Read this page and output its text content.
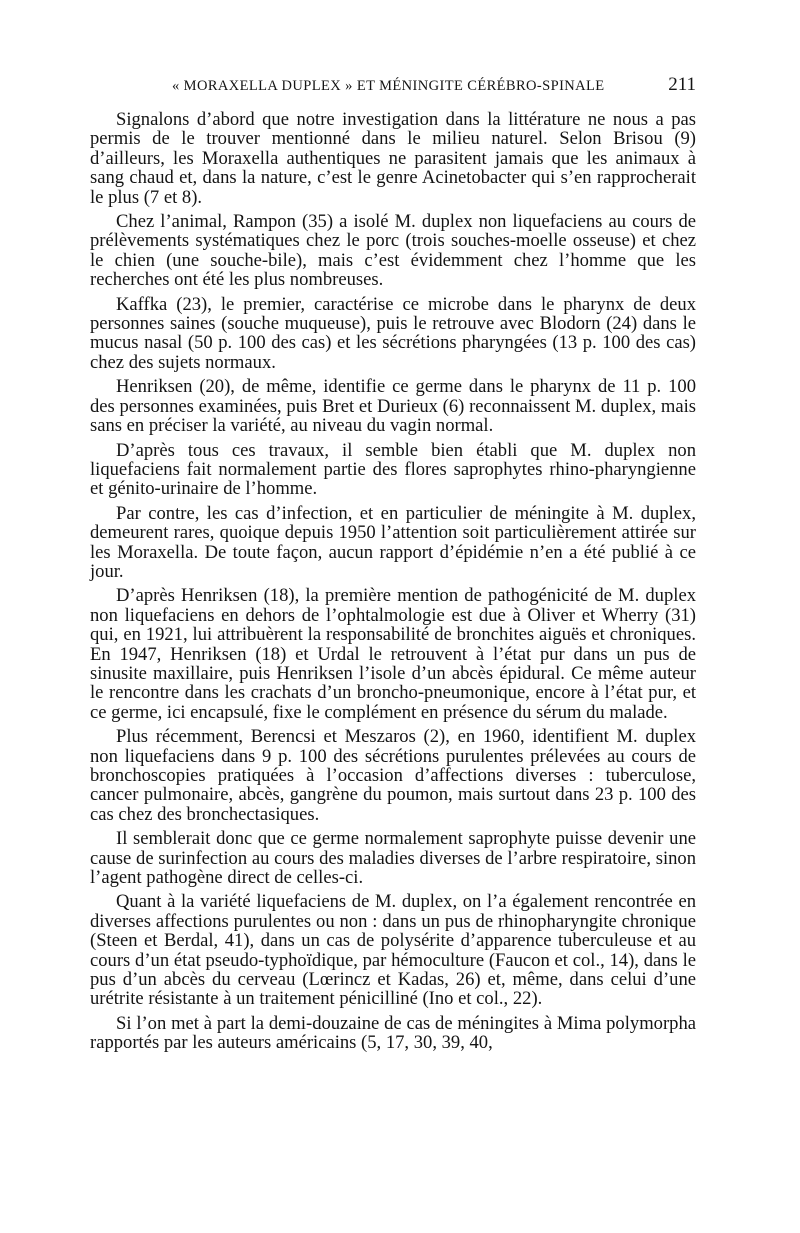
« MORAXELLA DUPLEX » ET MÉNINGITE CÉRÉBRO-SPINALE	211

Signalons d’abord que notre investigation dans la littérature ne nous a pas permis de le trouver mentionné dans le milieu naturel. Selon Brisou (9) d’ailleurs, les Moraxella authentiques ne parasitent jamais que les animaux à sang chaud et, dans la nature, c’est le genre Acinetobacter qui s’en rapprocherait le plus (7 et 8).

Chez l’animal, Rampon (35) a isolé M. duplex non liquefaciens au cours de prélèvements systématiques chez le porc (trois souches-moelle osseuse) et chez le chien (une souche-bile), mais c’est évidemment chez l’homme que les recherches ont été les plus nombreuses.

Kaffka (23), le premier, caractérise ce microbe dans le pharynx de deux personnes saines (souche muqueuse), puis le retrouve avec Blodorn (24) dans le mucus nasal (50 p. 100 des cas) et les sécrétions pharyngées (13 p. 100 des cas) chez des sujets normaux.

Henriksen (20), de même, identifie ce germe dans le pharynx de 11 p. 100 des personnes examinées, puis Bret et Durieux (6) reconnaissent M. duplex, mais sans en préciser la variété, au niveau du vagin normal.

D’après tous ces travaux, il semble bien établi que M. duplex non liquefaciens fait normalement partie des flores saprophytes rhino-pharyngienne et génito-urinaire de l’homme.

Par contre, les cas d’infection, et en particulier de méningite à M. duplex, demeurent rares, quoique depuis 1950 l’attention soit particulièrement attirée sur les Moraxella. De toute façon, aucun rapport d’épidémie n’en a été publié à ce jour.

D’après Henriksen (18), la première mention de pathogénicité de M. duplex non liquefaciens en dehors de l’ophtalmologie est due à Oliver et Wherry (31) qui, en 1921, lui attribuèrent la responsabilité de bronchites aiguës et chroniques. En 1947, Henriksen (18) et Urdal le retrouvent à l’état pur dans un pus de sinusite maxillaire, puis Henriksen l’isole d’un abcès épidural. Ce même auteur le rencontre dans les crachats d’un broncho-pneumonique, encore à l’état pur, et ce germe, ici encapsulé, fixe le complément en présence du sérum du malade.

Plus récemment, Berencsi et Meszaros (2), en 1960, identifient M. duplex non liquefaciens dans 9 p. 100 des sécrétions purulentes prélevées au cours de bronchoscopies pratiquées à l’occasion d’affections diverses : tuberculose, cancer pulmonaire, abcès, gangrène du poumon, mais surtout dans 23 p. 100 des cas chez des bronchectasiques.

Il semblerait donc que ce germe normalement saprophyte puisse devenir une cause de surinfection au cours des maladies diverses de l’arbre respiratoire, sinon l’agent pathogène direct de celles-ci.

Quant à la variété liquefaciens de M. duplex, on l’a également rencontrée en diverses affections purulentes ou non : dans un pus de rhinopharyngite chronique (Steen et Berdal, 41), dans un cas de polysérite d’apparence tuberculeuse et au cours d’un état pseudo-typhoïdique, par hémoculture (Faucon et col., 14), dans le pus d’un abcès du cerveau (Lœrincz et Kadas, 26) et, même, dans celui d’une urétrite résistante à un traitement pénicilliné (Ino et col., 22).

Si l’on met à part la demi-douzaine de cas de méningites à Mima polymorpha rapportés par les auteurs américains (5, 17, 30, 39, 40,
